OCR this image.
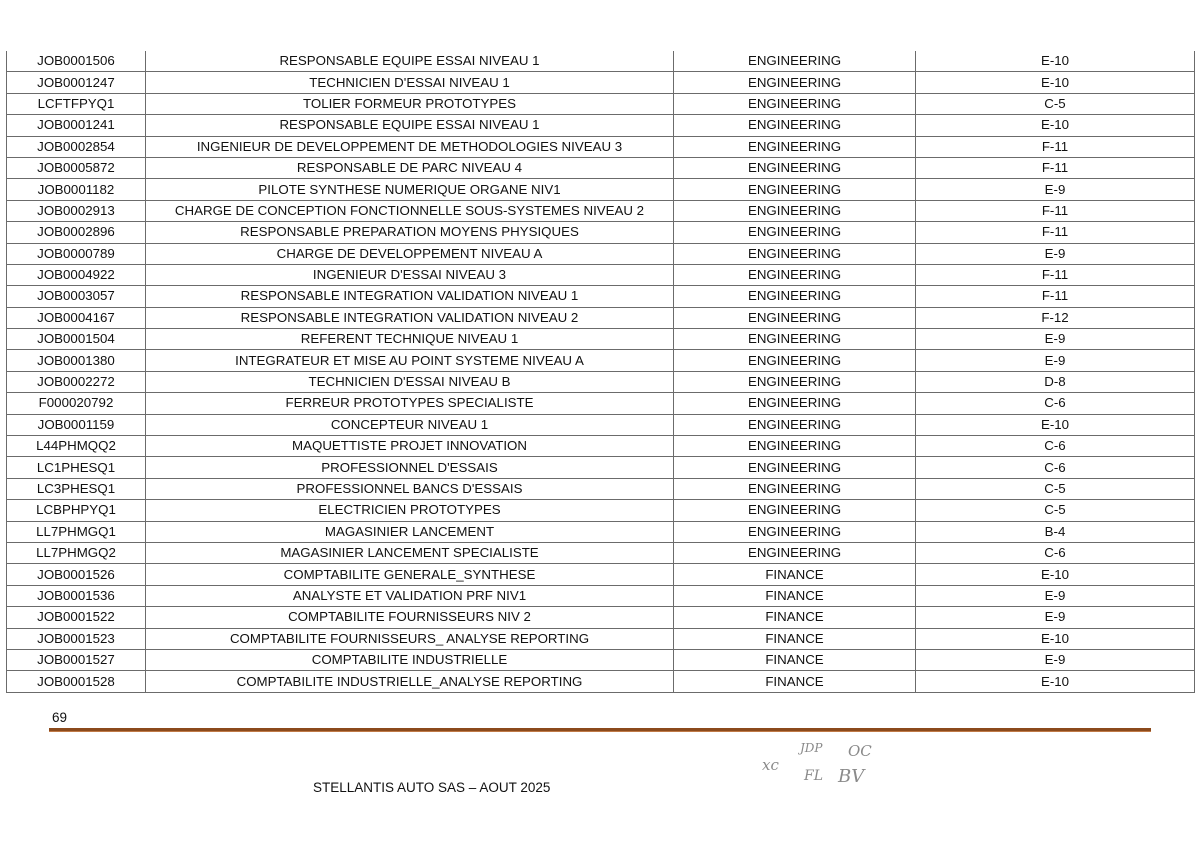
JOB0001506	RESPONSABLE EQUIPE ESSAI NIVEAU 1	ENGINEERING	E-10
JOB0001247	TECHNICIEN D'ESSAI NIVEAU 1	ENGINEERING	E-10
LCFTFPYQ1	TOLIER FORMEUR PROTOTYPES	ENGINEERING	C-5
JOB0001241	RESPONSABLE EQUIPE ESSAI NIVEAU 1	ENGINEERING	E-10
JOB0002854	INGENIEUR DE DEVELOPPEMENT DE METHODOLOGIES NIVEAU 3	ENGINEERING	F-11
JOB0005872	RESPONSABLE DE PARC NIVEAU 4	ENGINEERING	F-11
JOB0001182	PILOTE SYNTHESE NUMERIQUE ORGANE NIV1	ENGINEERING	E-9
JOB0002913	CHARGE DE CONCEPTION FONCTIONNELLE SOUS-SYSTEMES NIVEAU 2	ENGINEERING	F-11
JOB0002896	RESPONSABLE PREPARATION MOYENS PHYSIQUES	ENGINEERING	F-11
JOB0000789	CHARGE DE DEVELOPPEMENT NIVEAU A	ENGINEERING	E-9
JOB0004922	INGENIEUR D'ESSAI NIVEAU 3	ENGINEERING	F-11
JOB0003057	RESPONSABLE INTEGRATION VALIDATION NIVEAU 1	ENGINEERING	F-11
JOB0004167	RESPONSABLE INTEGRATION VALIDATION NIVEAU 2	ENGINEERING	F-12
JOB0001504	REFERENT TECHNIQUE NIVEAU 1	ENGINEERING	E-9
JOB0001380	INTEGRATEUR ET MISE AU POINT SYSTEME NIVEAU A	ENGINEERING	E-9
JOB0002272	TECHNICIEN D'ESSAI NIVEAU B	ENGINEERING	D-8
F000020792	FERREUR PROTOTYPES SPECIALISTE	ENGINEERING	C-6
JOB0001159	CONCEPTEUR NIVEAU 1	ENGINEERING	E-10
L44PHMQQ2	MAQUETTISTE PROJET INNOVATION	ENGINEERING	C-6
LC1PHESQ1	PROFESSIONNEL D'ESSAIS	ENGINEERING	C-6
LC3PHESQ1	PROFESSIONNEL BANCS D'ESSAIS	ENGINEERING	C-5
LCBPHPYQ1	ELECTRICIEN PROTOTYPES	ENGINEERING	C-5
LL7PHMGQ1	MAGASINIER LANCEMENT	ENGINEERING	B-4
LL7PHMGQ2	MAGASINIER LANCEMENT SPECIALISTE	ENGINEERING	C-6
JOB0001526	COMPTABILITE GENERALE_SYNTHESE	FINANCE	E-10
JOB0001536	ANALYSTE ET VALIDATION PRF NIV1	FINANCE	E-9
JOB0001522	COMPTABILITE FOURNISSEURS NIV 2	FINANCE	E-9
JOB0001523	COMPTABILITE FOURNISSEURS_ ANALYSE REPORTING	FINANCE	E-10
JOB0001527	COMPTABILITE INDUSTRIELLE	FINANCE	E-9
JOB0001528	COMPTABILITE INDUSTRIELLE_ANALYSE REPORTING	FINANCE	E-10
69
STELLANTIS AUTO SAS – AOUT 2025
xc
JDP OC
FL BV
